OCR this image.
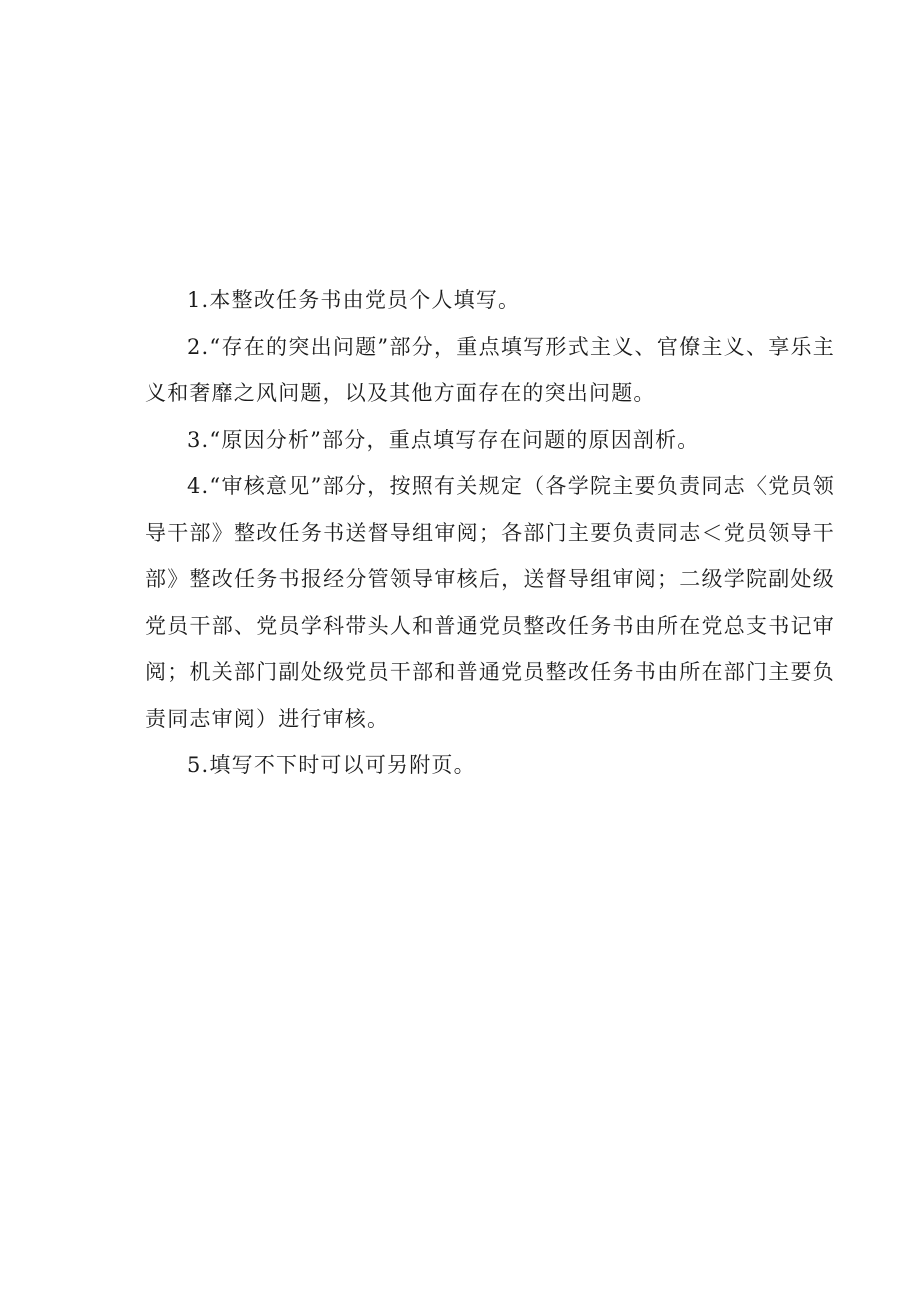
1.本整改任务书由党员个人填写。

2.“存在的突出问题”部分，重点填写形式主义、官僚主义、享乐主义和奢靡之风问题，以及其他方面存在的突出问题。

3.“原因分析”部分，重点填写存在问题的原因剖析。

4.“审核意见”部分，按照有关规定（各学院主要负责同志〈党员领导干部》整改任务书送督导组审阅；各部门主要负责同志＜党员领导干部》整改任务书报经分管领导审核后，送督导组审阅；二级学院副处级党员干部、党员学科带头人和普通党员整改任务书由所在党总支书记审阅；机关部门副处级党员干部和普通党员整改任务书由所在部门主要负责同志审阅）进行审核。

5.填写不下时可以可另附页。
